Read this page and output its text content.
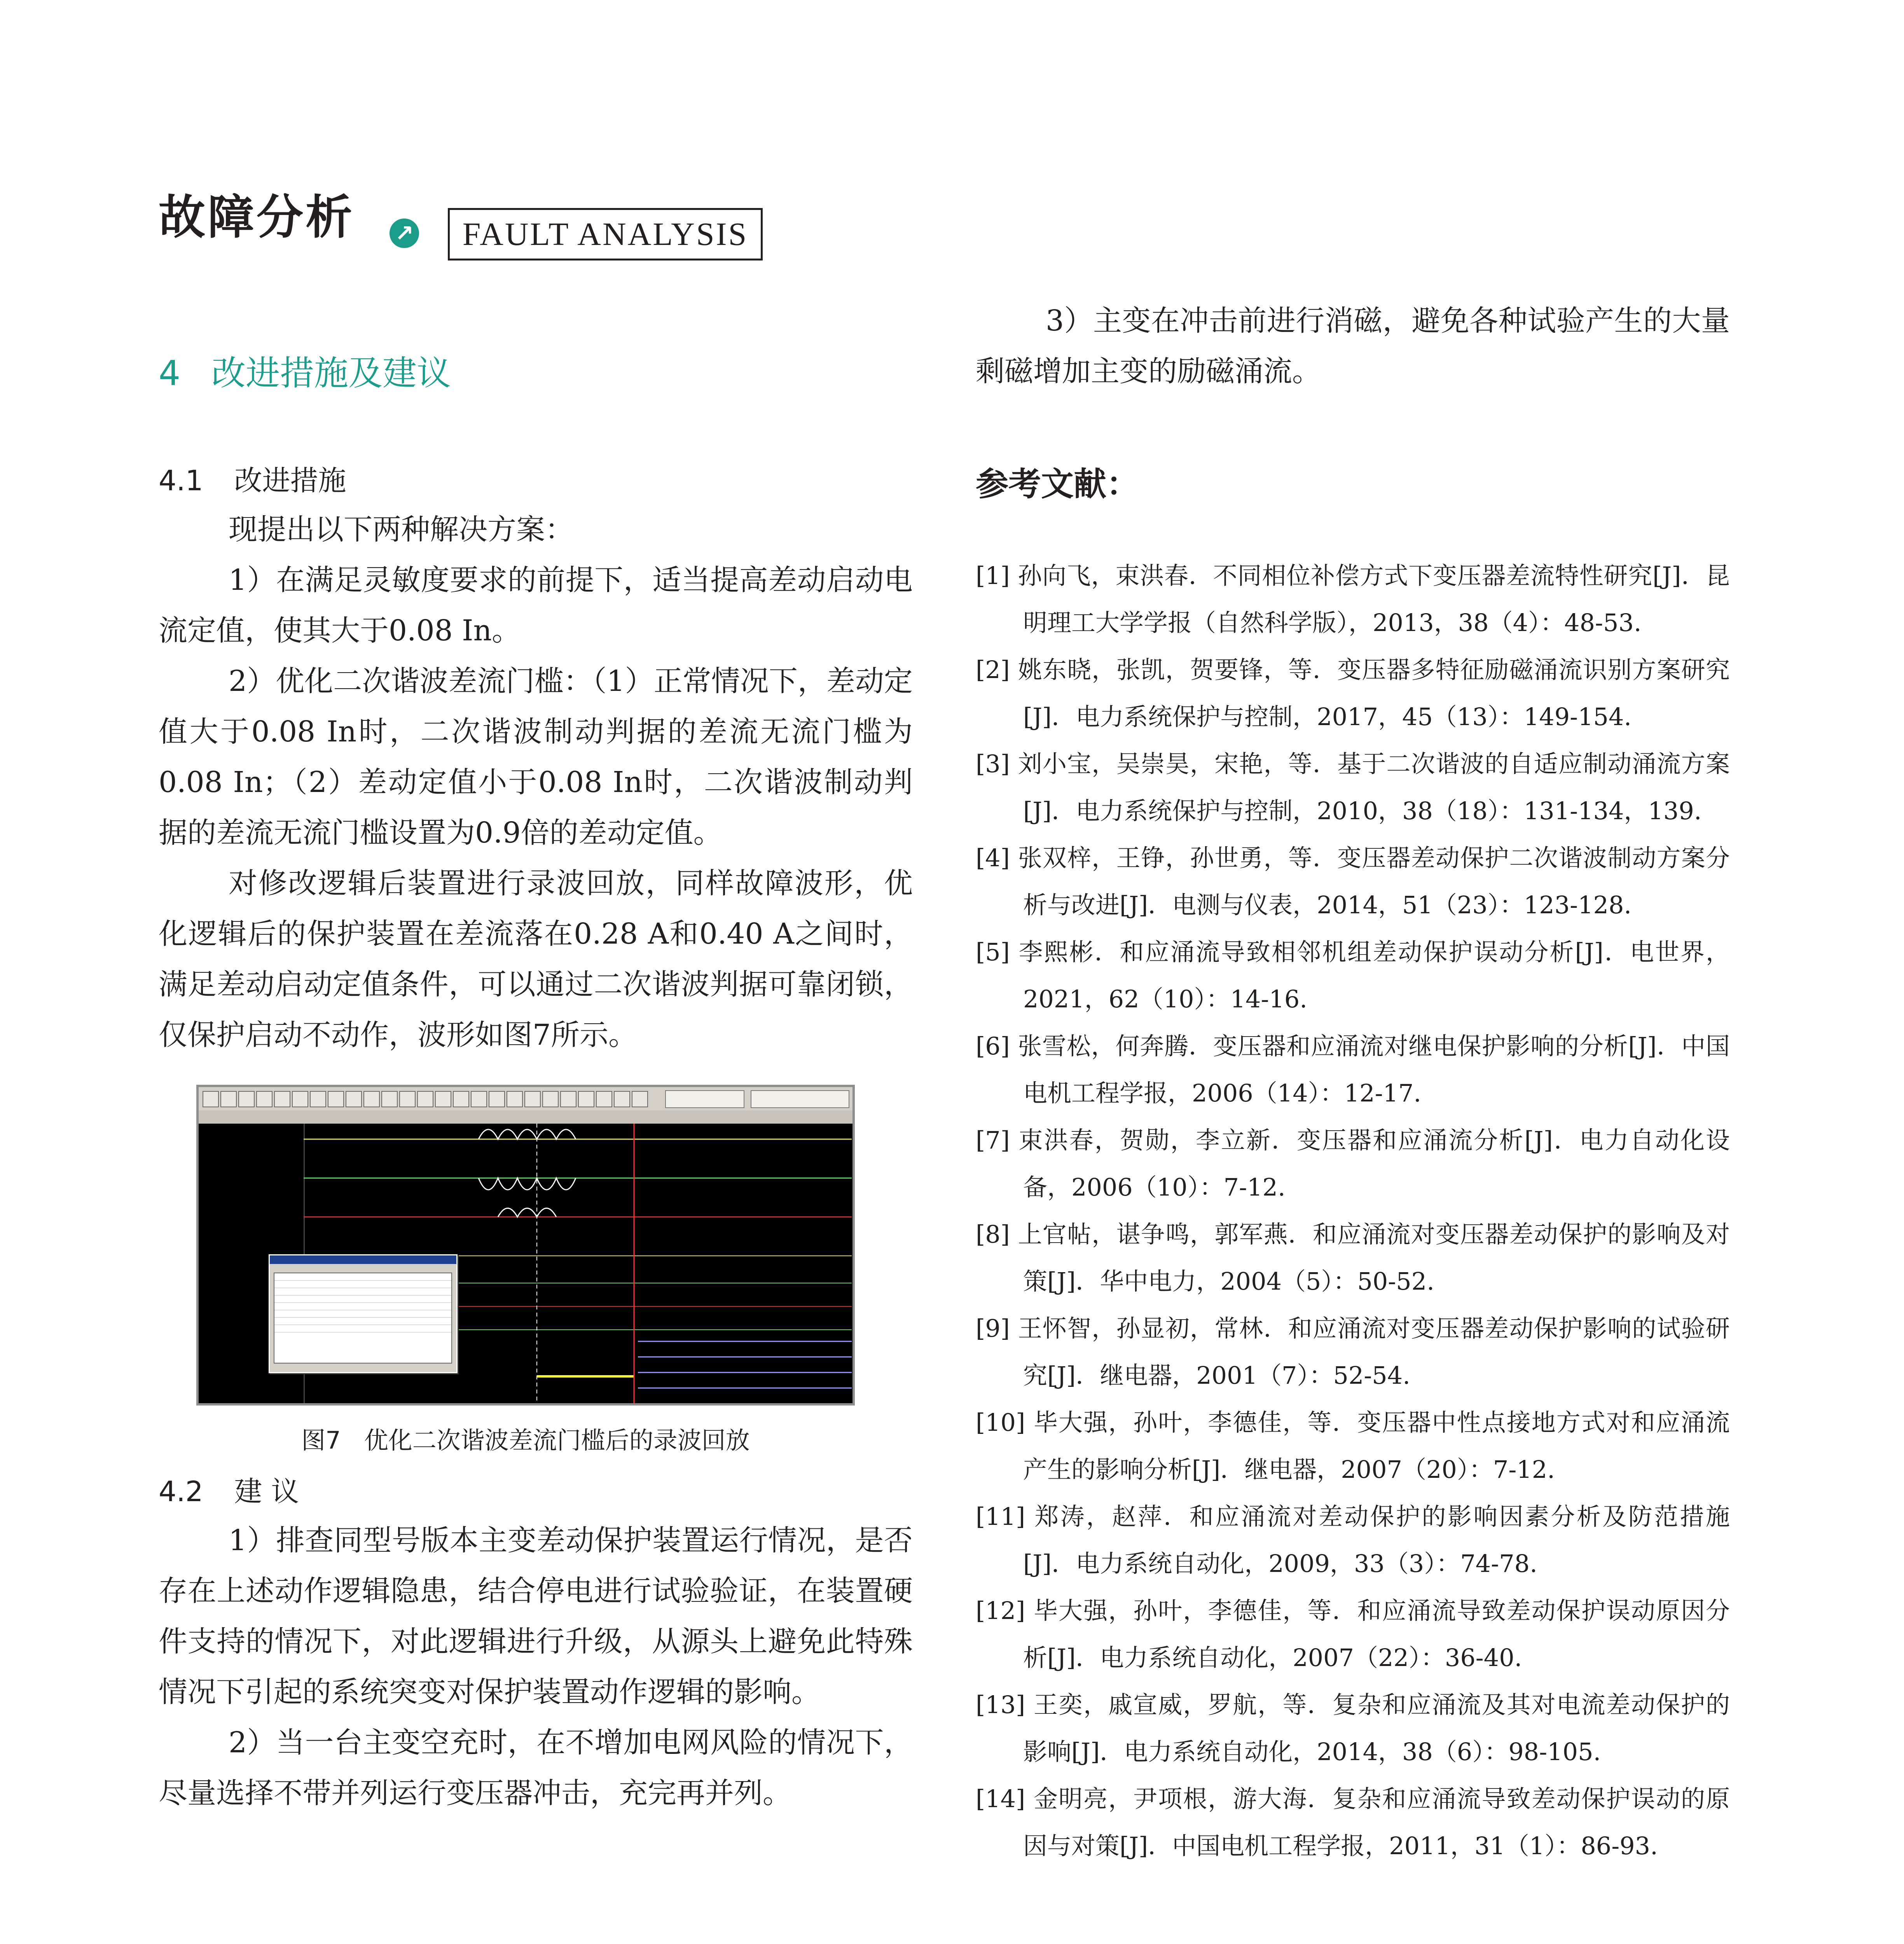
故障分析 ↗	FAULT ANALYSIS
4 改进措施及建议
4.1 改进措施

现提出以下两种解决方案：

1）在满足灵敏度要求的前提下，适当提高差动启动电流定值，使其大于0.08 In。

2）优化二次谐波差流门槛：（1）正常情况下，差动定值大于0.08 In时，二次谐波制动判据的差流无流门槛为0.08 In；（2）差动定值小于0.08 In时，二次谐波制动判据的差流无流门槛设置为0.9倍的差动定值。

对修改逻辑后装置进行录波回放，同样故障波形，优化逻辑后的保护装置在差流落在0.28 A和0.40 A之间时，满足差动启动定值条件，可以通过二次谐波判据可靠闭锁，仅保护启动不动作，波形如图7所示。

图7 优化二次谐波差流门槛后的录波回放
4.2 建 议

1）排查同型号版本主变差动保护装置运行情况，是否存在上述动作逻辑隐患，结合停电进行试验验证，在装置硬件支持的情况下，对此逻辑进行升级，从源头上避免此特殊情况下引起的系统突变对保护装置动作逻辑的影响。

2）当一台主变空充时，在不增加电网风险的情况下，尽量选择不带并列运行变压器冲击，充完再并列。

3）主变在冲击前进行消磁，避免各种试验产生的大量剩磁增加主变的励磁涌流。

参考文献：

[1] 孙向飞，束洪春．不同相位补偿方式下变压器差流特性研究[J]．昆明理工大学学报（自然科学版），2013，38（4）：48-53.

[2] 姚东晓，张凯，贺要锋，等．变压器多特征励磁涌流识别方案研究[J]．电力系统保护与控制，2017，45（13）：149-154.

[3] 刘小宝，吴崇昊，宋艳，等．基于二次谐波的自适应制动涌流方案[J]．电力系统保护与控制，2010，38（18）：131-134，139.

[4] 张双梓，王铮，孙世勇，等．变压器差动保护二次谐波制动方案分析与改进[J]．电测与仪表，2014，51（23）：123-128.

[5] 李熙彬．和应涌流导致相邻机组差动保护误动分析[J]．电世界，2021，62（10）：14-16.

[6] 张雪松，何奔腾．变压器和应涌流对继电保护影响的分析[J]．中国电机工程学报，2006（14）：12-17.

[7] 束洪春，贺勋，李立新．变压器和应涌流分析[J]．电力自动化设备，2006（10）：7-12.

[8] 上官帖，谌争鸣，郭军燕．和应涌流对变压器差动保护的影响及对策[J]．华中电力，2004（5）：50-52.

[9] 王怀智，孙显初，常林．和应涌流对变压器差动保护影响的试验研究[J]．继电器，2001（7）：52-54.

[10] 毕大强，孙叶，李德佳，等．变压器中性点接地方式对和应涌流产生的影响分析[J]．继电器，2007（20）：7-12.

[11] 郑涛，赵萍．和应涌流对差动保护的影响因素分析及防范措施[J]．电力系统自动化，2009，33（3）：74-78.

[12] 毕大强，孙叶，李德佳，等．和应涌流导致差动保护误动原因分析[J]．电力系统自动化，2007（22）：36-40.

[13] 王奕，戚宣威，罗航，等．复杂和应涌流及其对电流差动保护的影响[J]．电力系统自动化，2014，38（6）：98-105.

[14] 金明亮，尹项根，游大海．复杂和应涌流导致差动保护误动的原因与对策[J]．中国电机工程学报，2011，31（1）：86-93.
